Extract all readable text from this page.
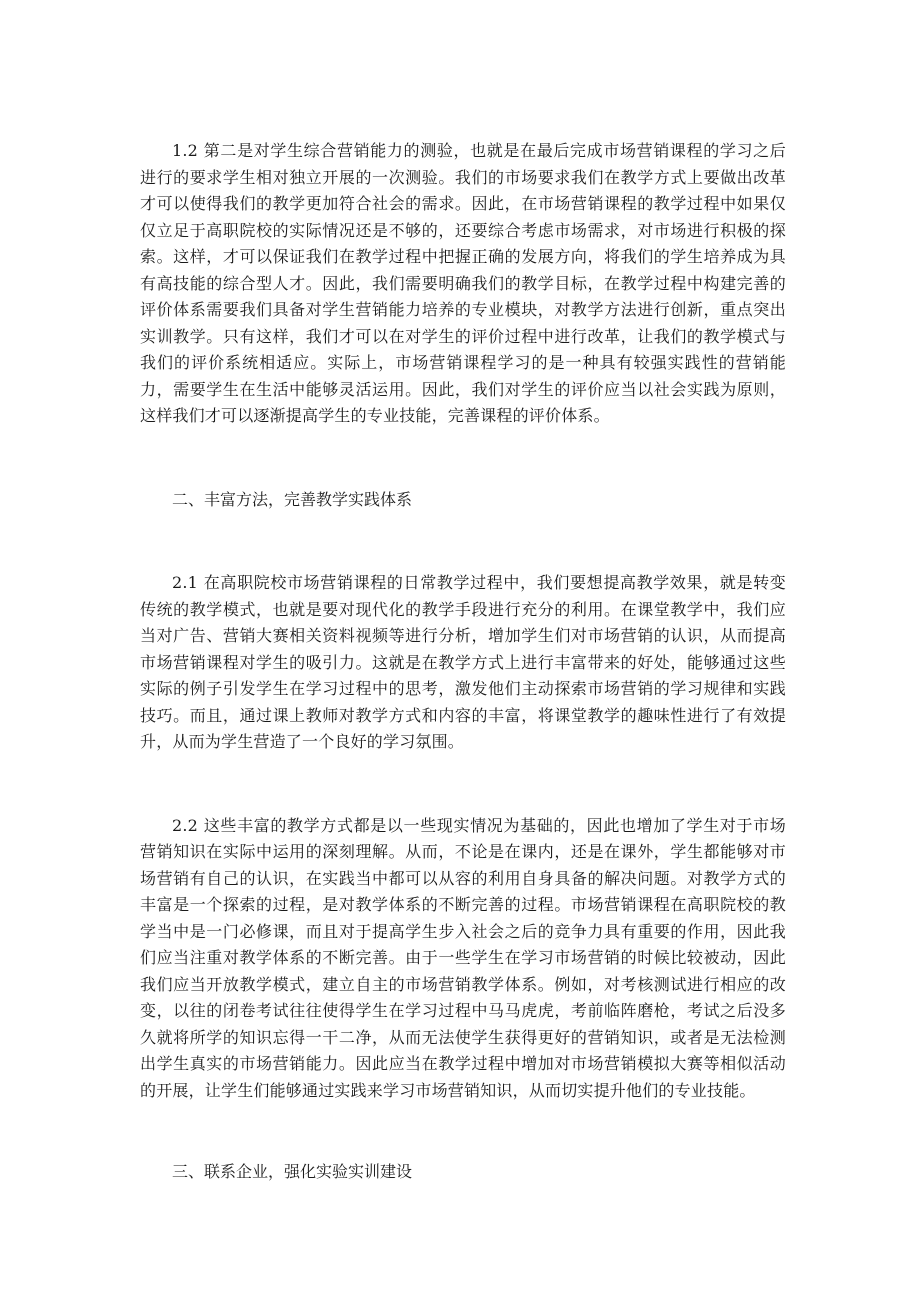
1.2 第二是对学生综合营销能力的测验，也就是在最后完成市场营销课程的学习之后进行的要求学生相对独立开展的一次测验。我们的市场要求我们在教学方式上要做出改革才可以使得我们的教学更加符合社会的需求。因此，在市场营销课程的教学过程中如果仅仅立足于高职院校的实际情况还是不够的，还要综合考虑市场需求，对市场进行积极的探索。这样，才可以保证我们在教学过程中把握正确的发展方向，将我们的学生培养成为具有高技能的综合型人才。因此，我们需要明确我们的教学目标，在教学过程中构建完善的评价体系需要我们具备对学生营销能力培养的专业模块，对教学方法进行创新，重点突出实训教学。只有这样，我们才可以在对学生的评价过程中进行改革，让我们的教学模式与我们的评价系统相适应。实际上，市场营销课程学习的是一种具有较强实践性的营销能力，需要学生在生活中能够灵活运用。因此，我们对学生的评价应当以社会实践为原则，这样我们才可以逐渐提高学生的专业技能，完善课程的评价体系。

二、丰富方法，完善教学实践体系

2.1 在高职院校市场营销课程的日常教学过程中，我们要想提高教学效果，就是转变传统的教学模式，也就是要对现代化的教学手段进行充分的利用。在课堂教学中，我们应当对广告、营销大赛相关资料视频等进行分析，增加学生们对市场营销的认识，从而提高市场营销课程对学生的吸引力。这就是在教学方式上进行丰富带来的好处，能够通过这些实际的例子引发学生在学习过程中的思考，激发他们主动探索市场营销的学习规律和实践技巧。而且，通过课上教师对教学方式和内容的丰富，将课堂教学的趣味性进行了有效提升，从而为学生营造了一个良好的学习氛围。

2.2 这些丰富的教学方式都是以一些现实情况为基础的，因此也增加了学生对于市场营销知识在实际中运用的深刻理解。从而，不论是在课内，还是在课外，学生都能够对市场营销有自己的认识，在实践当中都可以从容的利用自身具备的解决问题。对教学方式的丰富是一个探索的过程，是对教学体系的不断完善的过程。市场营销课程在高职院校的教学当中是一门必修课，而且对于提高学生步入社会之后的竞争力具有重要的作用，因此我们应当注重对教学体系的不断完善。由于一些学生在学习市场营销的时候比较被动，因此我们应当开放教学模式，建立自主的市场营销教学体系。例如，对考核测试进行相应的改变，以往的闭卷考试往往使得学生在学习过程中马马虎虎，考前临阵磨枪，考试之后没多久就将所学的知识忘得一干二净，从而无法使学生获得更好的营销知识，或者是无法检测出学生真实的市场营销能力。因此应当在教学过程中增加对市场营销模拟大赛等相似活动的开展，让学生们能够通过实践来学习市场营销知识，从而切实提升他们的专业技能。

三、联系企业，强化实验实训建设
